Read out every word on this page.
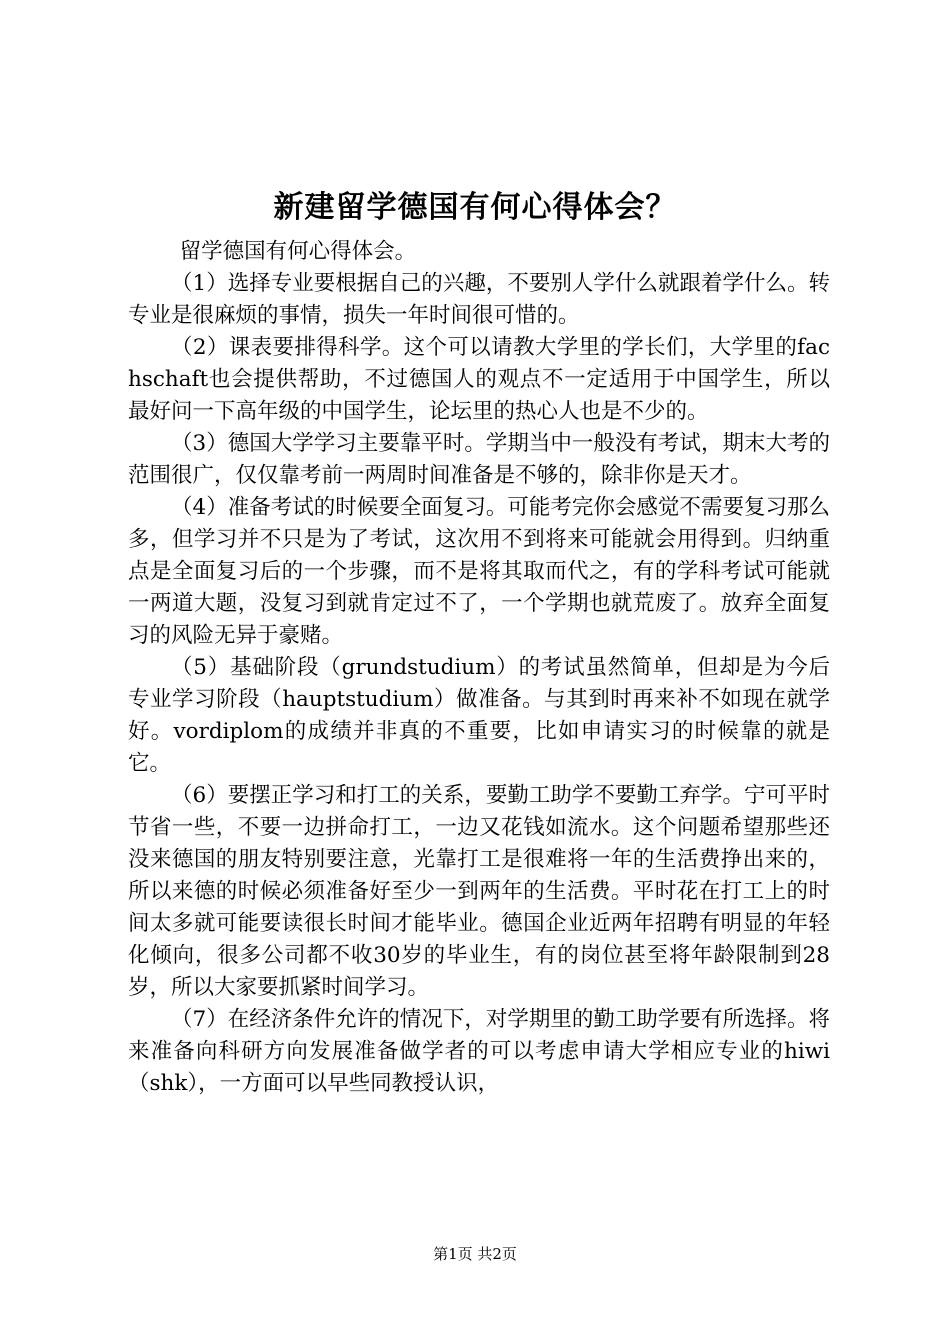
新建留学德国有何心得体会？

留学德国有何心得体会。

（1）选择专业要根据自己的兴趣，不要别人学什么就跟着学什么。转专业是很麻烦的事情，损失一年时间很可惜的。

（2）课表要排得科学。这个可以请教大学里的学长们，大学里的fachschaft也会提供帮助，不过德国人的观点不一定适用于中国学生，所以最好问一下高年级的中国学生，论坛里的热心人也是不少的。

（3）德国大学学习主要靠平时。学期当中一般没有考试，期末大考的范围很广，仅仅靠考前一两周时间准备是不够的，除非你是天才。

（4）准备考试的时候要全面复习。可能考完你会感觉不需要复习那么多，但学习并不只是为了考试，这次用不到将来可能就会用得到。归纳重点是全面复习后的一个步骤，而不是将其取而代之，有的学科考试可能就一两道大题，没复习到就肯定过不了，一个学期也就荒废了。放弃全面复习的风险无异于豪赌。

（5）基础阶段（grundstudium）的考试虽然简单，但却是为今后专业学习阶段（hauptstudium）做准备。与其到时再来补不如现在就学好。vordiplom的成绩并非真的不重要，比如申请实习的时候靠的就是它。

（6）要摆正学习和打工的关系，要勤工助学不要勤工弃学。宁可平时节省一些，不要一边拼命打工，一边又花钱如流水。这个问题希望那些还没来德国的朋友特别要注意，光靠打工是很难将一年的生活费挣出来的，所以来德的时候必须准备好至少一到两年的生活费。平时花在打工上的时间太多就可能要读很长时间才能毕业。德国企业近两年招聘有明显的年轻化倾向，很多公司都不收30岁的毕业生，有的岗位甚至将年龄限制到28岁，所以大家要抓紧时间学习。

（7）在经济条件允许的情况下，对学期里的勤工助学要有所选择。将来准备向科研方向发展准备做学者的可以考虑申请大学相应专业的hiwi（shk），一方面可以早些同教授认识，

第1页 共2页
